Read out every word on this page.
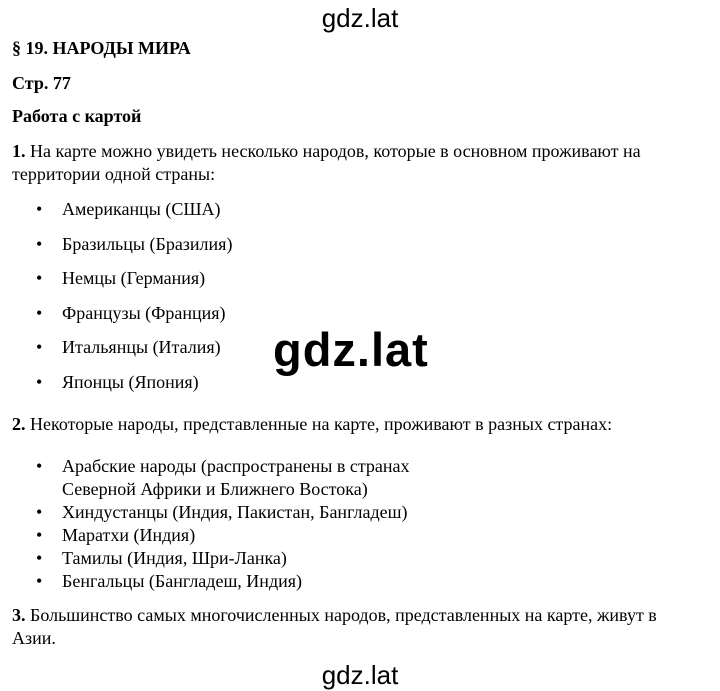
gdz.lat
§ 19. НАРОДЫ МИРА
Стр. 77
Работа с картой
1. На карте можно увидеть несколько народов, которые в основном проживают на территории одной страны:
• Американцы (США)
• Бразильцы (Бразилия)
• Немцы (Германия)
• Французы (Франция)
• Итальянцы (Италия)
• Японцы (Япония)
2. Некоторые народы, представленные на карте, проживают в разных странах:
• Арабские народы (распространены в странах Северной Африки и Ближнего Востока)
• Хиндустанцы (Индия, Пакистан, Бангладеш)
• Маратхи (Индия)
• Тамилы (Индия, Шри-Ланка)
• Бенгальцы (Бангладеш, Индия)
3. Большинство самых многочисленных народов, представленных на карте, живут в Азии.
gdz.lat
gdz.lat
